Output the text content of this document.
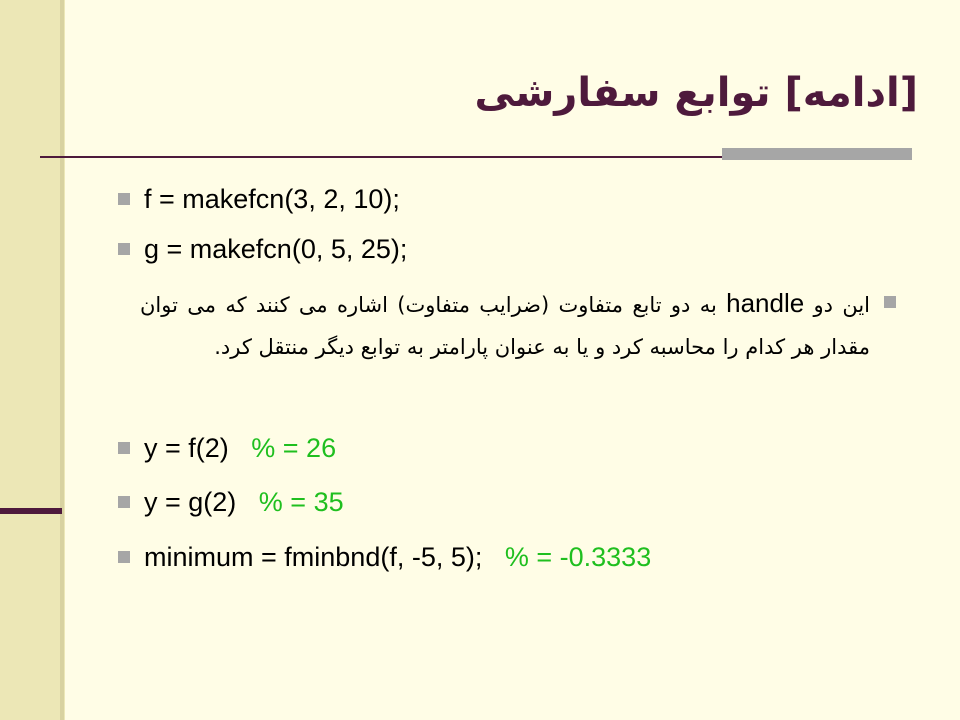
[ادامه] توابع سفارشی
f = makefcn(3, 2, 10);
g = makefcn(0, 5, 25);
این دو handle به دو تابع متفاوت (ضرایب متفاوت) اشاره می کنند که می توان مقدار هر کدام را محاسبه کرد و یا به عنوان پارامتر به توابع دیگر منتقل کرد.
y = f(2)   % = 26
y = g(2)   % = 35
minimum = fminbnd(f, -5, 5);   % = -0.3333
